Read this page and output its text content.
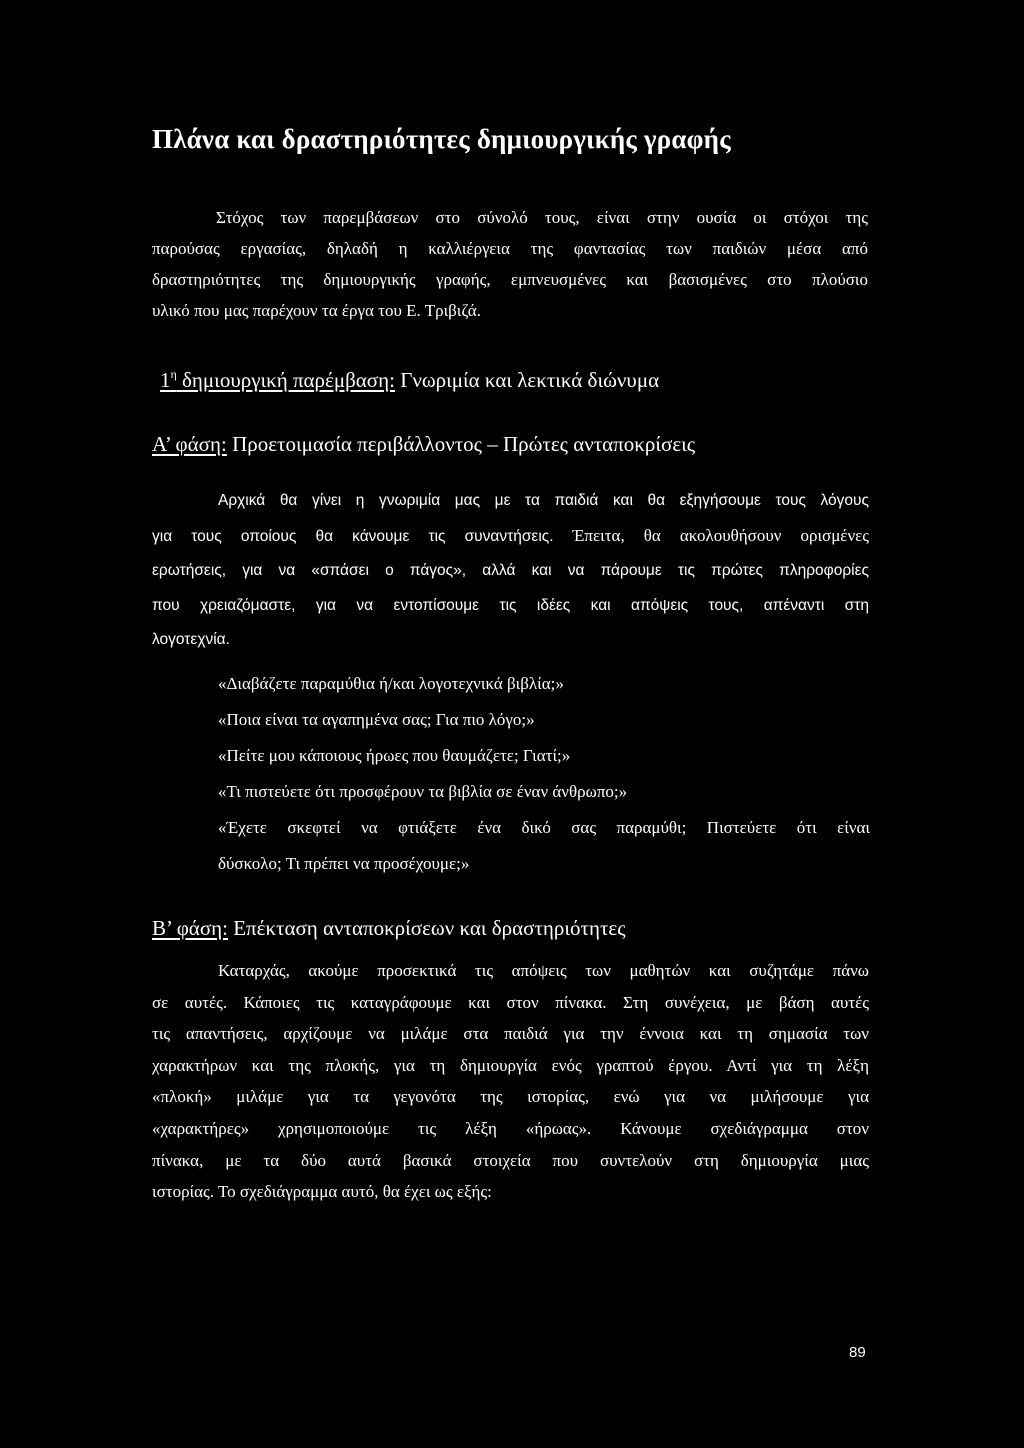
Πλάνα και δραστηριότητες δημιουργικής γραφής
Στόχος των παρεμβάσεων στο σύνολό τους, είναι στην ουσία οι στόχοι της
παρούσας εργασίας, δηλαδή η καλλιέργεια της φαντασίας των παιδιών μέσα από
δραστηριότητες της δημιουργικής γραφής, εμπνευσμένες και βασισμένες στο πλούσιο
υλικό που μας παρέχουν τα έργα του Ε. Τριβιζά.
$1^\eta$ δημιουργική παρέμβαση: Γνωριμία και λεκτικά διώνυμα
Α’ φάση: Προετοιμασία περιβάλλοντος – Πρώτες ανταποκρίσεις
Αρχικά θα γίνει η γνωριμία μας με τα παιδιά και θα εξηγήσουμε τους λόγους
για τους οποίους θα κάνουμε τις συναντήσεις. Έπειτα, θα ακολουθήσουν ορισμένες
ερωτήσεις, για να «σπάσει ο πάγος», αλλά και να πάρουμε τις πρώτες πληροφορίες
που χρειαζόμαστε, για να εντοπίσουμε τις ιδέες και απόψεις τους, απέναντι στη
λογοτεχνία.
«Διαβάζετε παραμύθια ή/και λογοτεχνικά βιβλία;»
«Ποια είναι τα αγαπημένα σας; Για πιο λόγο;»
«Πείτε μου κάποιους ήρωες που θαυμάζετε; Γιατί;»
«Τι πιστεύετε ότι προσφέρουν τα βιβλία σε έναν άνθρωπο;»
«Έχετε σκεφτεί να φτιάξετε ένα δικό σας παραμύθι; Πιστεύετε ότι είναι
δύσκολο; Τι πρέπει να προσέχουμε;»
Β’ φάση: Επέκταση ανταποκρίσεων και δραστηριότητες
Καταρχάς, ακούμε προσεκτικά τις απόψεις των μαθητών και συζητάμε πάνω
σε αυτές. Κάποιες τις καταγράφουμε και στον πίνακα. Στη συνέχεια, με βάση αυτές
τις απαντήσεις, αρχίζουμε να μιλάμε στα παιδιά για την έννοια και τη σημασία των
χαρακτήρων και της πλοκής, για τη δημιουργία ενός γραπτού έργου. Αντί για τη λέξη
«πλοκή» μιλάμε για τα γεγονότα της ιστορίας, ενώ για να μιλήσουμε για
«χαρακτήρες» χρησιμοποιούμε τις λέξη «ήρωας». Κάνουμε σχεδιάγραμμα στον
πίνακα, με τα δύο αυτά βασικά στοιχεία που συντελούν στη δημιουργία μιας
ιστορίας. Το σχεδιάγραμμα αυτό, θα έχει ως εξής:
89
